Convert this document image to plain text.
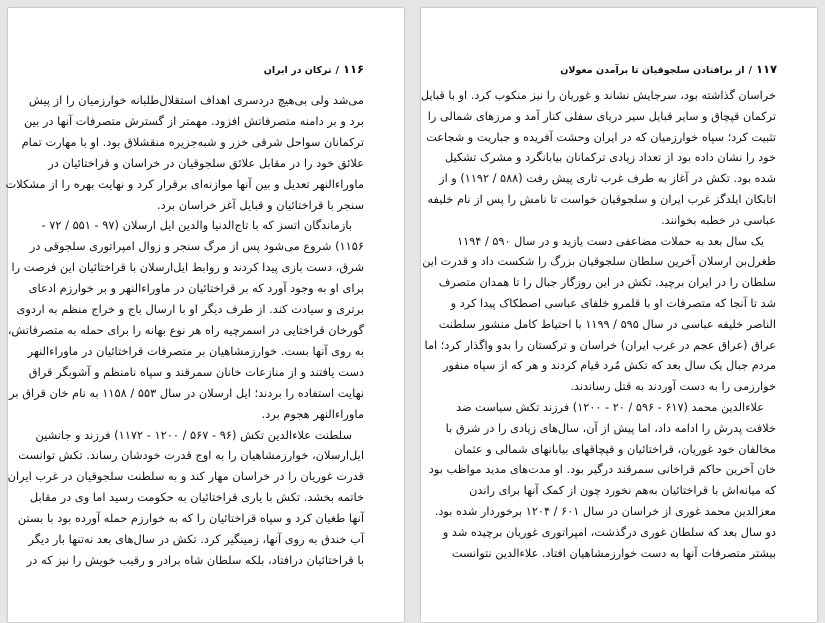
۱۱۶/ترکان در ایران
می‌شد ولی بی‌هیچ دردسری اهداف استقلال‌طلبانه خوارزمیان را از پیش
برد و بر دامنه متصرفاتش افزود. مهمتر از گسترش متصرفات آنها در بین
ترکمانان سواحل شرقی خزر و شبه‌جزیره منقشلاق بود. او با مهارت تمام
علائق خود را در مقابل علائق سلجوقیان در خراسان و قراختائیان در
ماوراءالنهر تعدیل و بین آنها موازنه‌ای برقرار کرد و نهایت بهره را از مشکلات
سنجر با قراختائیان و قبایل آغز خراسان برد.
بازماندگان اتسز که با تاج‌الدنیا والدین ایل ارسلان (۹۷ - ۵۵۱ / ۷۲ -
۱۱۵۶) شروع می‌شود پس از مرگ سنجر و زوال امپراتوری سلجوقی در
شرق، دست بازی پیدا کردند و روابط ایل‌ارسلان با قراختائیان این فرصت را
برای او به وجود آورد که بر قراختائیان در ماوراءالنهر و بر خوارزم ادعای
برتری و سیادت کند. از طرف دیگر او با ارسال باج و خراج منظم به اردوی
گورخان قراختایی در اسمرچیه راه هر نوع بهانه را برای حمله به متصرفاتش،
به روی آنها بست. خوارزمشاهیان بر متصرفات قراختائیان در ماوراءالنهر
دست یافتند و از منازعات خانان سمرقند و سپاه نامنظم و آشوبگر قراق
نهایت استفاده را بردند؛ ایل ارسلان در سال ۵۵۳ / ۱۱۵۸ به نام خان قراق بر
ماوراءالنهر هجوم برد.
سلطنت علاءالدین تکش (۹۶ - ۵۶۷ / ۱۲۰۰ - ۱۱۷۲) فرزند و جانشین
ایل‌ارسلان، خوارزمشاهیان را به اوج قدرت خودشان رساند. تکش توانست
قدرت غوریان را در خراسان مهار کند و به سلطنت سلجوقیان در غرب ایران
خاتمه بخشد. تکش با یاری قراختائیان به حکومت رسید اما وی در مقابل
آنها طغیان کرد و سپاه قراختائیان را که به خوارزم حمله آورده بود با بستن
آب خندق به روی آنها، زمینگیر کرد. تکش در سال‌های بعد نه‌تنها بار دیگر
با قراختائیان درافتاد، بلکه سلطان شاه برادر و رقیب خویش را نیز که در
۱۱۷/از برافتادن سلجوقیان تا برآمدن مغولان
خراسان گذاشته بود، سرجایش نشاند و غوریان را نیز منکوب کرد. او با قبایل
ترکمان قپچاق و سایر قبایل سیر دریای سفلی کنار آمد و مرزهای شمالی را
تثبیت کرد؛ سپاه خوارزمیان که در ایران وحشت آفریده و جباریت و شجاعت
خود را نشان داده بود از تعداد زیادی ترکمانان بیابانگرد و مشرک تشکیل
شده بود. تکش در آغاز به طرف غرب تاری پیش رفت (۵۸۸ / ۱۱۹۲) و از
اتابکان ایلدگز غرب ایران و سلجوقیان خواست تا نامش را پس از نام خلیفه
عباسی در خطبه بخوانند.
یک سال بعد به حملات مضاعفی دست یازید و در سال ۵۹۰ / ۱۱۹۴
طغرل‌بن ارسلان آخرین سلطان سلجوقیان بزرگ را شکست داد و قدرت این
سلطان را در ایران برچید. تکش در این روزگار جبال را تا همدان متصرف
شد تا آنجا که متصرفات او با قلمرو خلفای عباسی اصطکاک پیدا کرد و
الناصر خلیفه عباسی در سال ۵۹۵ / ۱۱۹۹ با احتیاط کامل منشور سلطنت
عراق (عراق عجم در غرب ایران) خراسان و ترکستان را بدو واگذار کرد؛ اما
مردم جبال یک سال بعد که تکش مُرد قیام کردند و هر که از سپاه منفور
خوارزمی را به دست آوردند به قتل رساندند.
علاءالدین محمد (۶۱۷ - ۵۹۶ / ۲۰ - ۱۲۰۰) فرزند تکش سیاست ضد
خلافت پدرش را ادامه داد، اما پیش از آن، سال‌های زیادی را در شرق با
مخالفان خود غوریان، قراختائیان و قپچاقهای بیابانهای شمالی و عثمان
خان آخرین حاکم قراخانی سمرقند درگیر بود. او مدت‌های مدید مواظب بود
که میانه‌اش با قراختائیان به‌هم نخورد چون از کمک آنها برای راندن
معزالدین محمد غوری از خراسان در سال ۶۰۱ / ۱۲۰۴ برخوردار شده بود.
دو سال بعد که سلطان غوری درگذشت، امپراتوری غوریان برچیده شد و
بیشتر متصرفات آنها به دست خوارزمشاهیان افتاد. علاءالدین نتوانست
